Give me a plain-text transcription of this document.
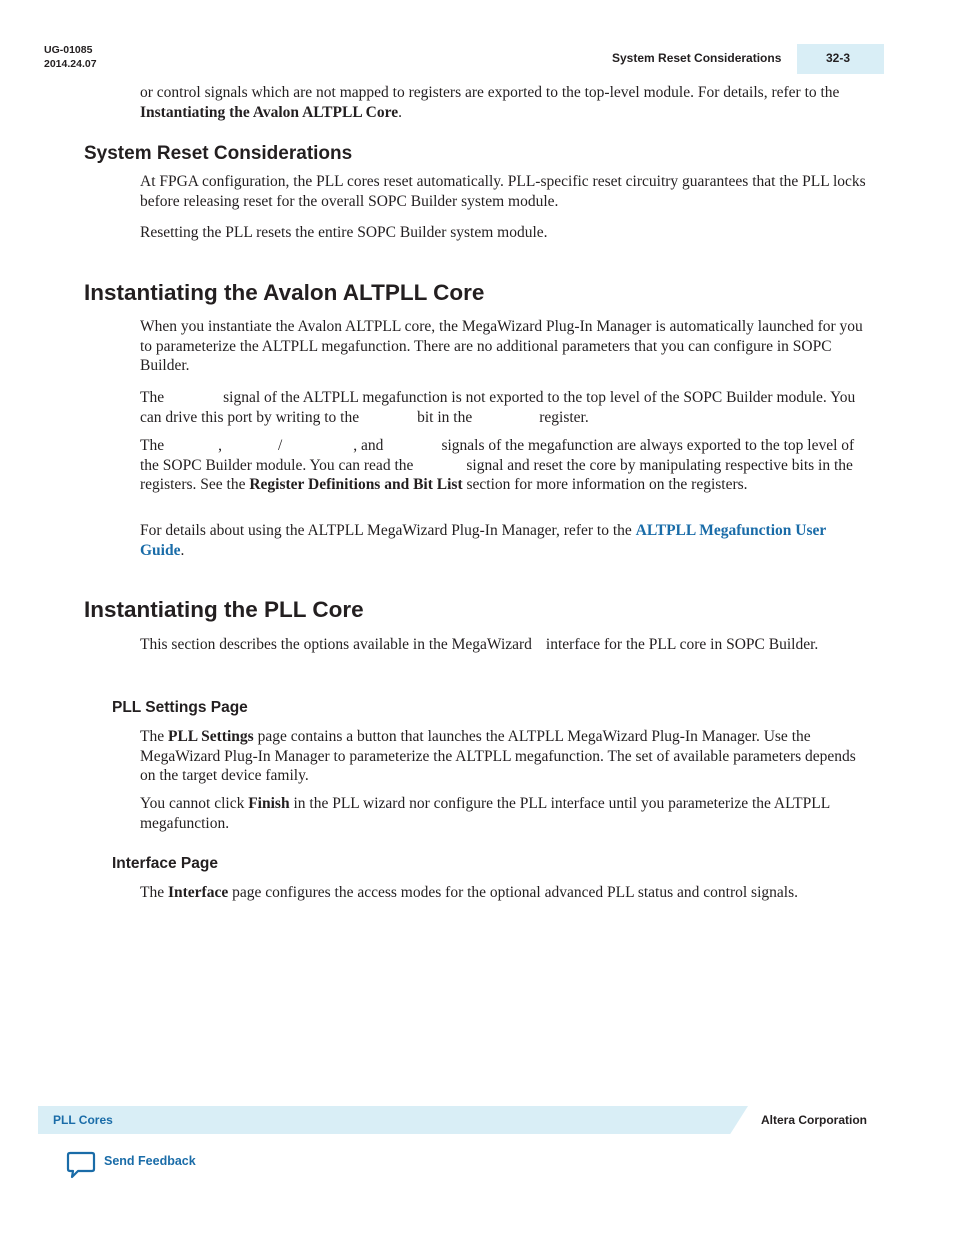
UG-01085
2014.24.07	System Reset Considerations	32-3

or control signals which are not mapped to registers are exported to the top-level module. For details, refer to the Instantiating the Avalon ALTPLL Core.

System Reset Considerations

At FPGA configuration, the PLL cores reset automatically. PLL-specific reset circuitry guarantees that the PLL locks before releasing reset for the overall SOPC Builder system module.

Resetting the PLL resets the entire SOPC Builder system module.

Instantiating the Avalon ALTPLL Core

When you instantiate the Avalon ALTPLL core, the MegaWizard Plug-In Manager is automatically launched for you to parameterize the ALTPLL megafunction. There are no additional parameters that you can configure in SOPC Builder.

The	signal of the ALTPLL megafunction is not exported to the top level of the SOPC Builder module. You can drive this port by writing to the	bit in the	register.

The	,	/	, and	signals of the megafunction are always exported to the top level of the SOPC Builder module. You can read the	signal and reset the core by manipulating respective bits in the registers. See the Register Definitions and Bit List section for more information on the registers.

For details about using the ALTPLL MegaWizard Plug-In Manager, refer to the ALTPLL Megafunction User Guide.

Instantiating the PLL Core

This section describes the options available in the MegaWizard interface for the PLL core in SOPC Builder.

PLL Settings Page

The PLL Settings page contains a button that launches the ALTPLL MegaWizard Plug-In Manager. Use the MegaWizard Plug-In Manager to parameterize the ALTPLL megafunction. The set of available parameters depends on the target device family.

You cannot click Finish in the PLL wizard nor configure the PLL interface until you parameterize the ALTPLL megafunction.

Interface Page

The Interface page configures the access modes for the optional advanced PLL status and control signals.

PLL Cores	Altera Corporation
Send Feedback
